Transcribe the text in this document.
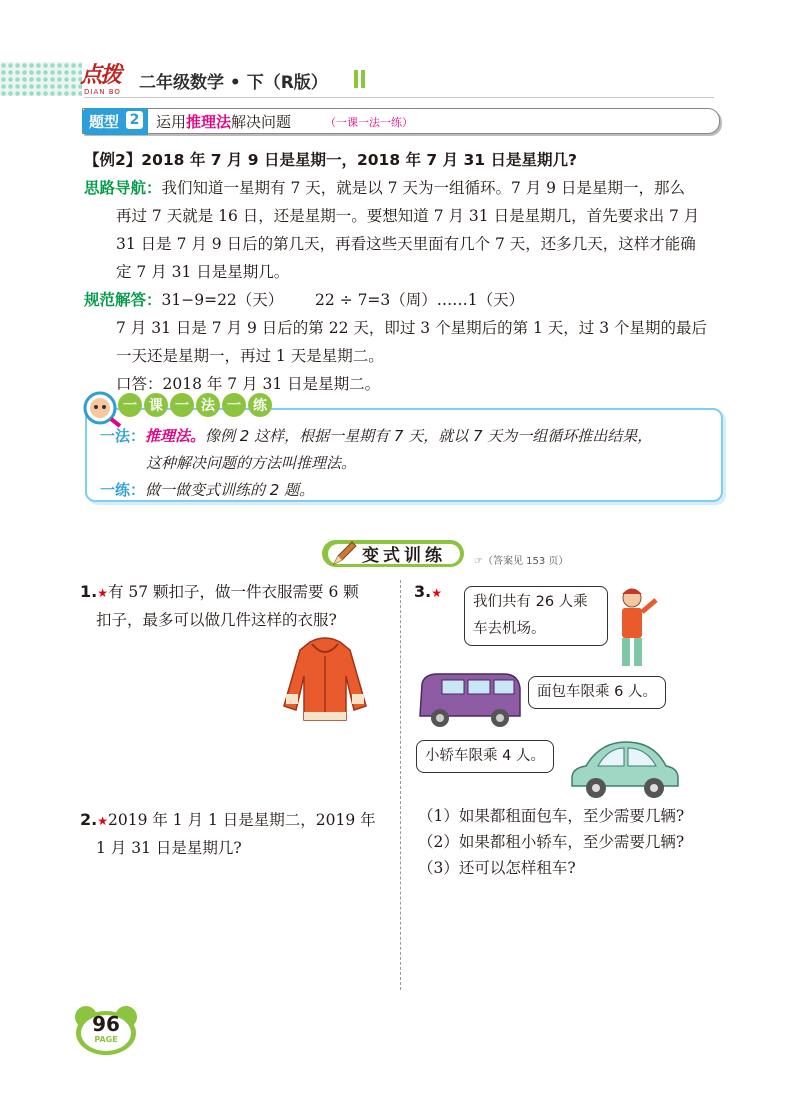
点拨
DIAN BO 二年级数学 • 下（R版）
题型 2 运用推理法解决问题	（一课一法一练）
【例2】2018 年 7 月 9 日是星期一，2018 年 7 月 31 日是星期几?
思路导航：我们知道一星期有 7 天，就是以 7 天为一组循环。7 月 9 日是星期一，那么
再过 7 天就是 16 日，还是星期一。要想知道 7 月 31 日是星期几，首先要求出 7 月
31 日是 7 月 9 日后的第几天，再看这些天里面有几个 7 天，还多几天，这样才能确
定 7 月 31 日是星期几。
规范解答：31−9=22（天） 22 ÷ 7=3（周）……1（天）
7 月 31 日是 7 月 9 日后的第 22 天，即过 3 个星期后的第 1 天，过 3 个星期的最后
一天还是星期一，再过 1 天是星期二。
口答：2018 年 7 月 31 日是星期二。
一 课 一 法 一 练
一法：推理法。像例 2 这样，根据一星期有 7 天，就以 7 天为一组循环推出结果，
这种解决问题的方法叫推理法。
一练：做一做变式训练的 2 题。
变式训练	☞（答案见 153 页）
1.★有 57 颗扣子，做一件衣服需要 6 颗
扣子，最多可以做几件这样的衣服?
2.★2019 年 1 月 1 日是星期二，2019 年
1 月 31 日是星期几?
3.★
我们共有 26 人乘
车去机场。
面包车限乘 6 人。
小轿车限乘 4 人。
（1）如果都租面包车，至少需要几辆?
（2）如果都租小轿车，至少需要几辆?
（3）还可以怎样租车?
96
PAGE
